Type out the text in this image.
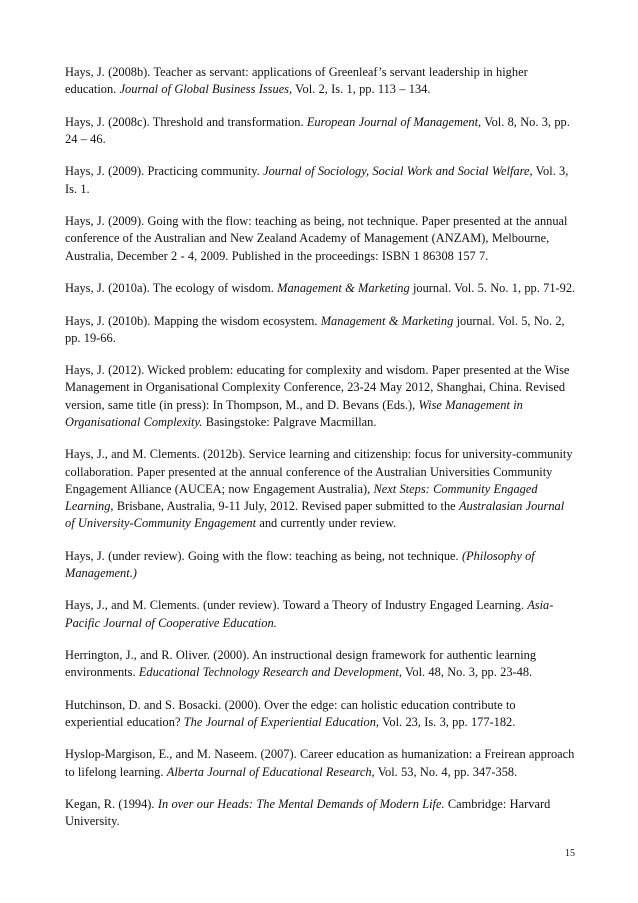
Hays, J. (2008b). Teacher as servant: applications of Greenleaf’s servant leadership in higher education. Journal of Global Business Issues, Vol. 2, Is. 1, pp. 113 – 134.

Hays, J. (2008c). Threshold and transformation. European Journal of Management, Vol. 8, No. 3, pp. 24 – 46.

Hays, J. (2009). Practicing community. Journal of Sociology, Social Work and Social Welfare, Vol. 3, Is. 1.

Hays, J. (2009). Going with the flow: teaching as being, not technique. Paper presented at the annual conference of the Australian and New Zealand Academy of Management (ANZAM), Melbourne, Australia, December 2 - 4, 2009. Published in the proceedings: ISBN 1 86308 157 7.

Hays, J. (2010a). The ecology of wisdom. Management & Marketing journal. Vol. 5. No. 1, pp. 71-92.

Hays, J. (2010b). Mapping the wisdom ecosystem. Management & Marketing journal. Vol. 5, No. 2, pp. 19-66.

Hays, J. (2012). Wicked problem: educating for complexity and wisdom. Paper presented at the Wise Management in Organisational Complexity Conference, 23-24 May 2012, Shanghai, China. Revised version, same title (in press): In Thompson, M., and D. Bevans (Eds.), Wise Management in Organisational Complexity. Basingstoke: Palgrave Macmillan.

Hays, J., and M. Clements. (2012b). Service learning and citizenship: focus for university-community collaboration. Paper presented at the annual conference of the Australian Universities Community Engagement Alliance (AUCEA; now Engagement Australia), Next Steps: Community Engaged Learning, Brisbane, Australia, 9-11 July, 2012. Revised paper submitted to the Australasian Journal of University-Community Engagement and currently under review.

Hays, J. (under review). Going with the flow: teaching as being, not technique. (Philosophy of Management.)

Hays, J., and M. Clements. (under review). Toward a Theory of Industry Engaged Learning. Asia-Pacific Journal of Cooperative Education.

Herrington, J., and R. Oliver. (2000). An instructional design framework for authentic learning environments. Educational Technology Research and Development, Vol. 48, No. 3, pp. 23-48.

Hutchinson, D. and S. Bosacki. (2000). Over the edge: can holistic education contribute to experiential education? The Journal of Experiential Education, Vol. 23, Is. 3, pp. 177-182.

Hyslop-Margison, E., and M. Naseem. (2007). Career education as humanization: a Freirean approach to lifelong learning. Alberta Journal of Educational Research, Vol. 53, No. 4, pp. 347-358.

Kegan, R. (1994). In over our Heads: The Mental Demands of Modern Life. Cambridge: Harvard University.

15
